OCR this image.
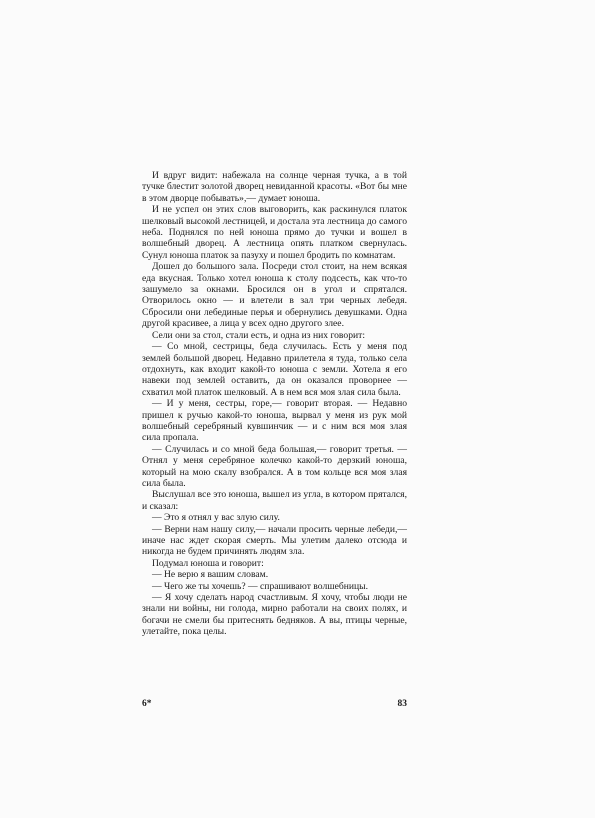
И вдруг видит: набежала на солнце черная тучка, а в той тучке блестит золотой дворец невиданной красоты. «Вот бы мне в этом дворце побывать»,— думает юноша.

И не успел он этих слов выговорить, как раскинулся платок шелковый высокой лестницей, и достала эта лестница до самого неба. Поднялся по ней юноша прямо до тучки и вошел в волшебный дворец. А лестница опять платком свернулась. Сунул юноша платок за пазуху и пошел бродить по комнатам.

Дошел до большого зала. Посреди стол стоит, на нем всякая еда вкусная. Только хотел юноша к столу подсесть, как что-то зашумело за окнами. Бросился он в угол и спрятался. Отворилось окно — и влетели в зал три черных лебедя. Сбросили они лебединые перья и обернулись девушками. Одна другой красивее, а лица у всех одно другого злее.

Сели они за стол, стали есть, и одна из них говорит:

— Со мной, сестрицы, беда случилась. Есть у меня под землей большой дворец. Недавно прилетела я туда, только села отдохнуть, как входит какой-то юноша с земли. Хотела я его навеки под землей оставить, да он оказался проворнее — схватил мой платок шелковый. А в нем вся моя злая сила была.

— И у меня, сестры, горе,— говорит вторая. — Недавно пришел к ручью какой-то юноша, вырвал у меня из рук мой волшебный серебряный кувшинчик — и с ним вся моя злая сила пропала.

— Случилась и со мной беда большая,— говорит третья. — Отнял у меня серебряное колечко какой-то дерзкий юноша, который на мою скалу взобрался. А в том кольце вся моя злая сила была.

Выслушал все это юноша, вышел из угла, в котором прятался, и сказал:

— Это я отнял у вас злую силу.

— Верни нам нашу силу,— начали просить черные лебеди,— иначе нас ждет скорая смерть. Мы улетим далеко отсюда и никогда не будем причинять людям зла.

Подумал юноша и говорит:

— Не верю я вашим словам.

— Чего же ты хочешь? — спрашивают волшебницы.

— Я хочу сделать народ счастливым. Я хочу, чтобы люди не знали ни войны, ни голода, мирно работали на своих полях, и богачи не смели бы притеснять бедняков. А вы, птицы черные, улетайте, пока целы.

6*	83
